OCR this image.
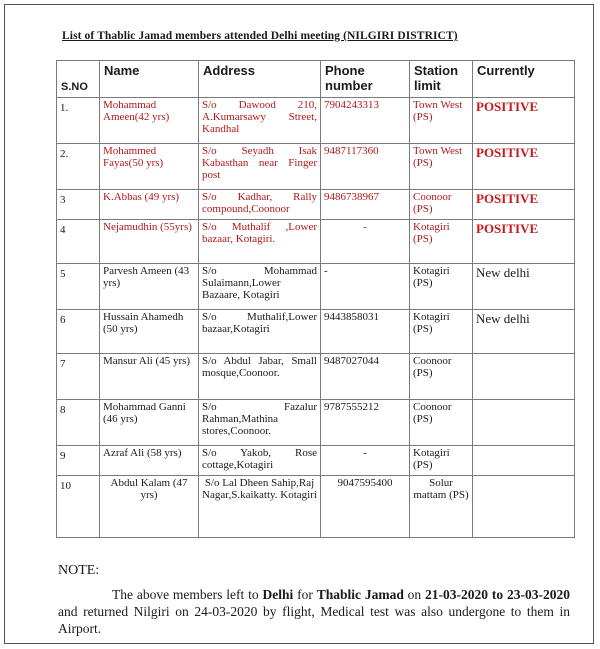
List of Thablic Jamad members attended Delhi meeting (NILGIRI DISTRICT)
S.NO	Name	Address	Phone number	Station limit	Currently
1.	Mohammad Ameen(42 yrs)	S/o Dawood 210, A.Kumarsawy Street, Kandhal	7904243313	Town West (PS)	POSITIVE
2.	Mohammed Fayas(50 yrs)	S/o Seyadh Isak Kabasthan near Finger post	9487117360	Town West (PS)	POSITIVE
3	K.Abbas (49 yrs)	S/o Kadhar, Rally compound,Coonoor	9486738967	Coonoor (PS)	POSITIVE
4	Nejamudhin (55yrs)	S/o Muthalif ,Lower bazaar, Kotagiri.	-	Kotagiri (PS)	POSITIVE
5	Parvesh Ameen (43 yrs)	S/o Mohammad Sulaimann,Lower Bazaare, Kotagiri	-	Kotagiri (PS)	New delhi
6	Hussain Ahamedh (50 yrs)	S/o Muthalif,Lower bazaar,Kotagiri	9443858031	Kotagiri (PS)	New delhi
7	Mansur Ali (45 yrs)	S/o Abdul Jabar, Small mosque,Coonoor.	9487027044	Coonoor (PS)	
8	Mohammad Ganni (46 yrs)	S/o Fazalur Rahman,Mathina stores,Coonoor.	9787555212	Coonoor (PS)	
9	Azraf Ali (58 yrs)	S/o Yakob, Rose cottage,Kotagiri	-	Kotagiri (PS)	
10	Abdul Kalam (47 yrs)	S/o Lal Dheen Sahip,Raj Nagar,S.kaikatty. Kotagiri	9047595400	Solur mattam (PS)	
NOTE:
The above members left to Delhi for Thablic Jamad on 21-03-2020 to 23-03-2020 and returned Nilgiri on 24-03-2020 by flight, Medical test was also undergone to them in Airport.
